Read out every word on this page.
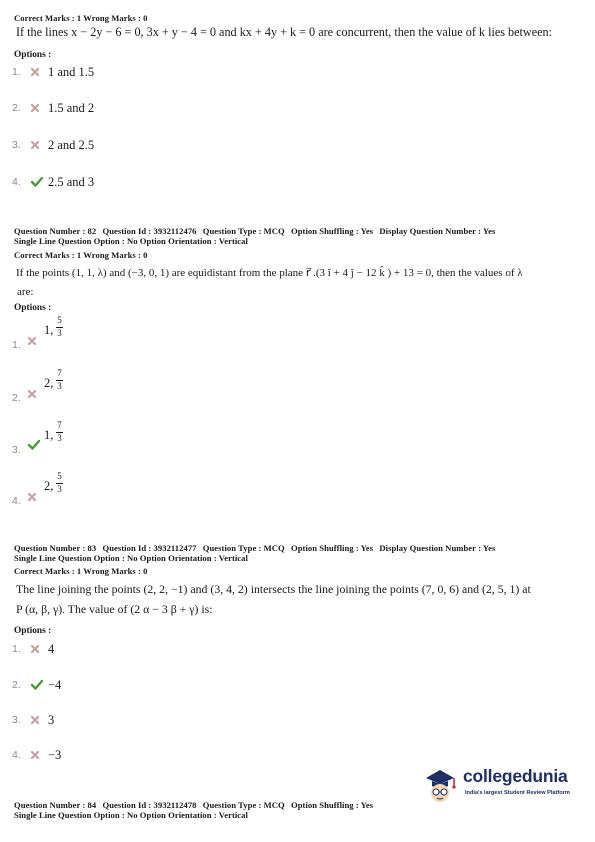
Correct Marks : 1 Wrong Marks : 0
If the lines x − 2y − 6 = 0, 3x + y − 4 = 0 and kx + 4y + k = 0 are concurrent, then the value of k lies between:
Options :
1.	1 and 1.5
2.	1.5 and 2
3.	2 and 2.5
4.	2.5 and 3
Question Number : 82 Question Id : 3932112476 Question Type : MCQ Option Shuffling : Yes Display Question Number : Yes
Single Line Question Option : No Option Orientation : Vertical
Correct Marks : 1 Wrong Marks : 0
If the points (1, 1, λ) and (−3, 0, 1) are equidistant from the plane r⃗ .(3 î + 4 ĵ − 12 k̂ ) + 13 = 0, then the values of λ
are:
Options :
1.
1,
5
3
2.
2,
7
3
3.
1,
7
3
4.
2,
5
3
Question Number : 83 Question Id : 3932112477 Question Type : MCQ Option Shuffling : Yes Display Question Number : Yes
Single Line Question Option : No Option Orientation : Vertical
Correct Marks : 1 Wrong Marks : 0
The line joining the points (2, 2, −1) and (3, 4, 2) intersects the line joining the points (7, 0, 6) and (2, 5, 1) at
P (α, β, γ). The value of (2 α − 3 β + γ) is:
Options :
1.	4
2.	−4
3.	3
4.	−3
collegedunia
India's largest Student Review Platform
Question Number : 84 Question Id : 3932112478 Question Type : MCQ Option Shuffling : Yes
Single Line Question Option : No Option Orientation : Vertical
